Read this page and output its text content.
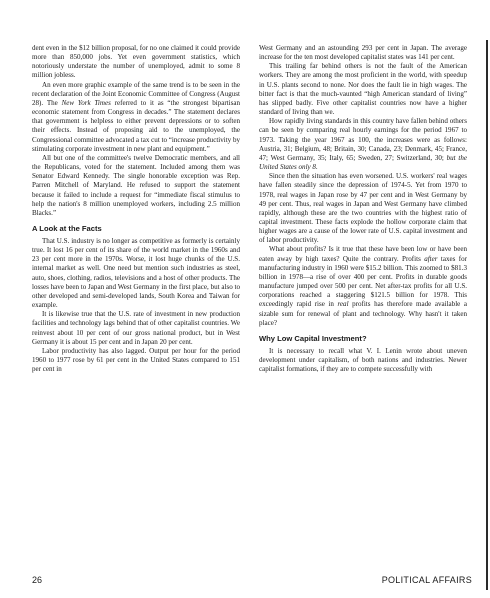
dent even in the $12 billion proposal, for no one claimed it could provide more than 850,000 jobs. Yet even government statistics, which notoriously understate the number of unemployed, admit to some 8 million jobless.

An even more graphic example of the same trend is to be seen in the recent declaration of the Joint Economic Committee of Congress (August 28). The New York Times referred to it as “the strongest bipartisan economic statement from Congress in decades.” The statement declares that government is helpless to either prevent depressions or to soften their effects. Instead of proposing aid to the unemployed, the Congressional committee advocated a tax cut to “increase productivity by stimulating corporate investment in new plant and equipment.”

All but one of the committee's twelve Democratic members, and all the Republicans, voted for the statement. Included among them was Senator Edward Kennedy. The single honorable exception was Rep. Parren Mitchell of Maryland. He refused to support the statement because it failed to include a request for “immediate fiscal stimulus to help the nation's 8 million unemployed workers, including 2.5 million Blacks.”

A Look at the Facts

That U.S. industry is no longer as competitive as formerly is certainly true. It lost 16 per cent of its share of the world market in the 1960s and 23 per cent more in the 1970s. Worse, it lost huge chunks of the U.S. internal market as well. One need but mention such industries as steel, auto, shoes, clothing, radios, televisions and a host of other products. The losses have been to Japan and West Germany in the first place, but also to other developed and semi-developed lands, South Korea and Taiwan for example.

It is likewise true that the U.S. rate of investment in new production facilities and technology lags behind that of other capitalist countries. We reinvest about 10 per cent of our gross national product, but in West Germany it is about 15 per cent and in Japan 20 per cent.

Labor productivity has also lagged. Output per hour for the period 1960 to 1977 rose by 61 per cent in the United States compared to 151 per cent in

West Germany and an astounding 293 per cent in Japan. The average increase for the ten most developed capitalist states was 141 per cent.

This trailing far behind others is not the fault of the American workers. They are among the most proficient in the world, with speedup in U.S. plants second to none. Nor does the fault lie in high wages. The bitter fact is that the much-vaunted “high American standard of living” has slipped badly. Five other capitalist countries now have a higher standard of living than we.

How rapidly living standards in this country have fallen behind others can be seen by comparing real hourly earnings for the period 1967 to 1973. Taking the year 1967 as 100, the increases were as follows: Austria, 31; Belgium, 48; Britain, 30; Canada, 23; Denmark, 45; France, 47; West Germany, 35; Italy, 65; Sweden, 27; Switzerland, 30; but the United States only 8.

Since then the situation has even worsened. U.S. workers' real wages have fallen steadily since the depression of 1974-5. Yet from 1970 to 1978, real wages in Japan rose by 47 per cent and in West Germany by 49 per cent. Thus, real wages in Japan and West Germany have climbed rapidly, although these are the two countries with the highest ratio of capital investment. These facts explode the hollow corporate claim that higher wages are a cause of the lower rate of U.S. capital investment and of labor productivity.

What about profits? Is it true that these have been low or have been eaten away by high taxes? Quite the contrary. Profits after taxes for manufacturing industry in 1960 were $15.2 billion. This zoomed to $81.3 billion in 1978—a rise of over 400 per cent. Profits in durable goods manufacture jumped over 500 per cent. Net after-tax profits for all U.S. corporations reached a staggering $121.5 billion for 1978. This exceedingly rapid rise in real profits has therefore made available a sizable sum for renewal of plant and technology. Why hasn't it taken place?

Why Low Capital Investment?

It is necessary to recall what V. I. Lenin wrote about uneven development under capitalism, of both nations and industries. Newer capitalist formations, if they are to compete successfully with

26	POLITICAL AFFAIRS
